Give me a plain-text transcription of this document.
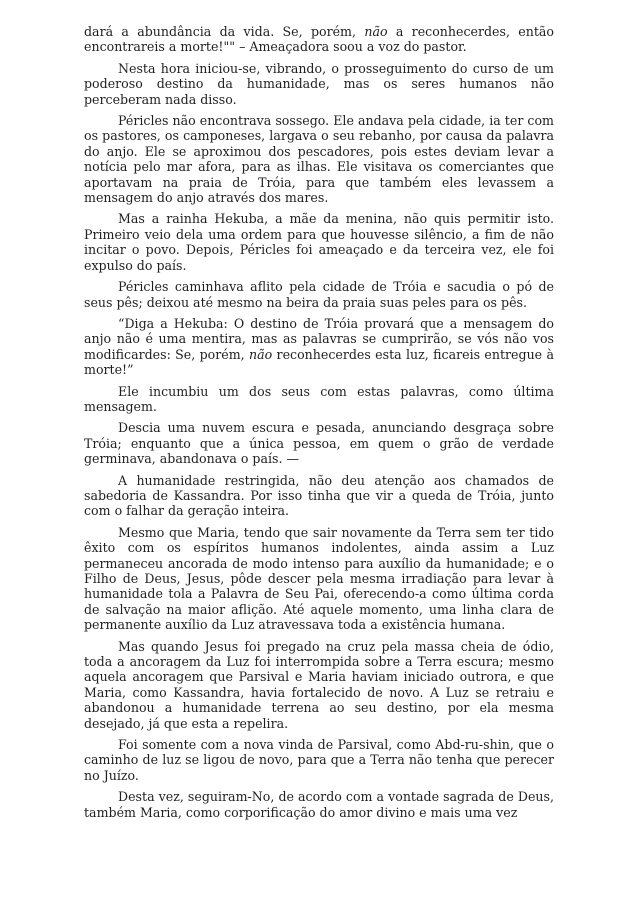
dará a abundância da vida. Se, porém, não a reconhecerdes, então encontrareis a morte!"" – Ameaçadora soou a voz do pastor.

Nesta hora iniciou-se, vibrando, o prosseguimento do curso de um poderoso destino da humanidade, mas os seres humanos não perceberam nada disso.

Péricles não encontrava sossego. Ele andava pela cidade, ia ter com os pastores, os camponeses, largava o seu rebanho, por causa da palavra do anjo. Ele se aproximou dos pescadores, pois estes deviam levar a notícia pelo mar afora, para as ilhas. Ele visitava os comerciantes que aportavam na praia de Tróia, para que também eles levassem a mensagem do anjo através dos mares.

Mas a rainha Hekuba, a mãe da menina, não quis permitir isto. Primeiro veio dela uma ordem para que houvesse silêncio, a fim de não incitar o povo. Depois, Péricles foi ameaçado e da terceira vez, ele foi expulso do país.

Péricles caminhava aflito pela cidade de Tróia e sacudia o pó de seus pês; deixou até mesmo na beira da praia suas peles para os pês.

“Diga a Hekuba: O destino de Tróia provará que a mensagem do anjo não é uma mentira, mas as palavras se cumprirão, se vós não vos modificardes: Se, porém, não reconhecerdes esta luz, ficareis entregue à morte!”

Ele incumbiu um dos seus com estas palavras, como última mensagem.

Descia uma nuvem escura e pesada, anunciando desgraça sobre Tróia; enquanto que a única pessoa, em quem o grão de verdade germinava, abandonava o país. —

A humanidade restringida, não deu atenção aos chamados de sabedoria de Kassandra. Por isso tinha que vir a queda de Tróia, junto com o falhar da geração inteira.

Mesmo que Maria, tendo que sair novamente da Terra sem ter tido êxito com os espíritos humanos indolentes, ainda assim a Luz permaneceu ancorada de modo intenso para auxílio da humanidade; e o Filho de Deus, Jesus, pôde descer pela mesma irradiação para levar à humanidade tola a Palavra de Seu Pai, oferecendo-a como última corda de salvação na maior aflição. Até aquele momento, uma linha clara de permanente auxílio da Luz atravessava toda a existência humana.

Mas quando Jesus foi pregado na cruz pela massa cheia de ódio, toda a ancoragem da Luz foi interrompida sobre a Terra escura; mesmo aquela ancoragem que Parsival e Maria haviam iniciado outrora, e que Maria, como Kassandra, havia fortalecido de novo. A Luz se retraiu e abandonou a humanidade terrena ao seu destino, por ela mesma desejado, já que esta a repelira.

Foi somente com a nova vinda de Parsival, como Abd-ru-shin, que o caminho de luz se ligou de novo, para que a Terra não tenha que perecer no Juízo.

Desta vez, seguiram-No, de acordo com a vontade sagrada de Deus, também Maria, como corporificação do amor divino e mais uma vez
